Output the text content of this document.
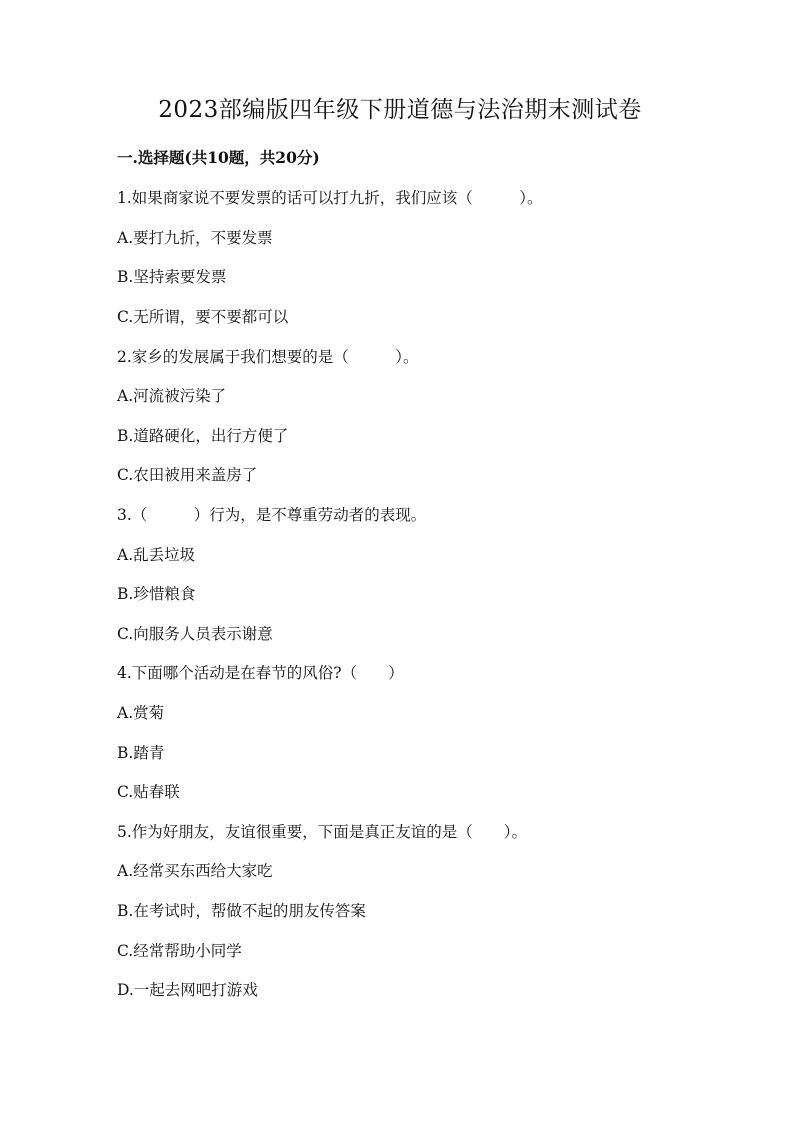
2023部编版四年级下册道德与法治期末测试卷

一.选择题(共10题，共20分)

1.如果商家说不要发票的话可以打九折，我们应该（　　　）。

A.要打九折，不要发票

B.坚持索要发票

C.无所谓，要不要都可以

2.家乡的发展属于我们想要的是（　　　）。

A.河流被污染了

B.道路硬化，出行方便了

C.农田被用来盖房了

3.（　　　）行为，是不尊重劳动者的表现。

A.乱丢垃圾

B.珍惜粮食

C.向服务人员表示谢意

4.下面哪个活动是在春节的风俗?（　　）

A.赏菊

B.踏青

C.贴春联

5.作为好朋友，友谊很重要，下面是真正友谊的是（　　）。

A.经常买东西给大家吃

B.在考试时，帮做不起的朋友传答案

C.经常帮助小同学

D.一起去网吧打游戏
